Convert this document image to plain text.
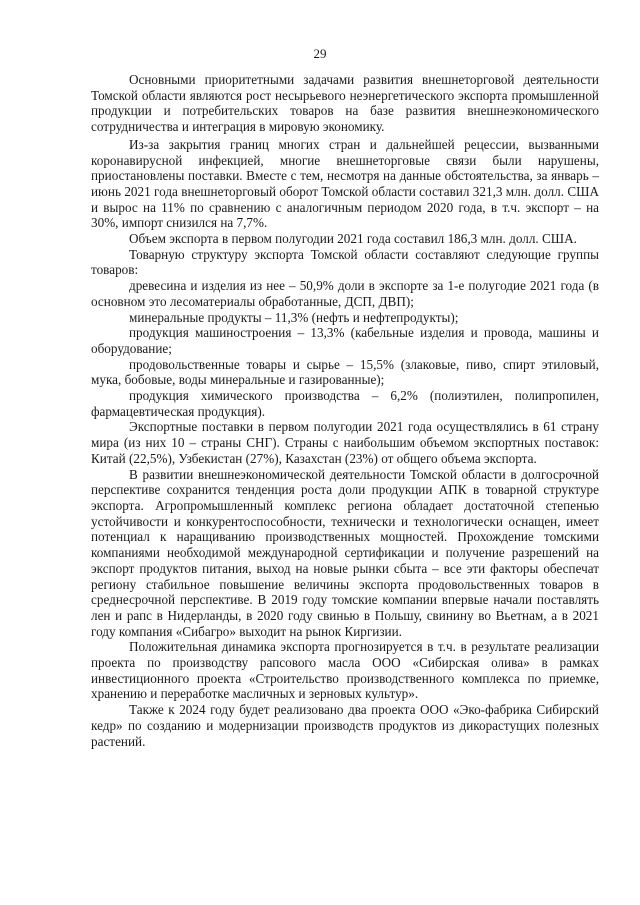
29

Основными приоритетными задачами развития внешнеторговой деятельности Томской области являются рост несырьевого неэнергетического экспорта промышленной продукции и потребительских товаров на базе развития внешнеэкономического сотрудничества и интеграция в мировую экономику.

Из-за закрытия границ многих стран и дальнейшей рецессии, вызванными коронавирусной инфекцией, многие внешнеторговые связи были нарушены, приостановлены поставки. Вместе с тем, несмотря на данные обстоятельства, за январь – июнь 2021 года внешнеторговый оборот Томской области составил 321,3 млн. долл. США и вырос на 11% по сравнению с аналогичным периодом 2020 года, в т.ч. экспорт – на 30%, импорт снизился на 7,7%.

Объем экспорта в первом полугодии 2021 года составил 186,3 млн. долл. США.

Товарную структуру экспорта Томской области составляют следующие группы товаров:

древесина и изделия из нее – 50,9% доли в экспорте за 1-е полугодие 2021 года (в основном это лесоматериалы обработанные, ДСП, ДВП);

минеральные продукты – 11,3% (нефть и нефтепродукты);

продукция машиностроения – 13,3% (кабельные изделия и провода, машины и оборудование;

продовольственные товары и сырье – 15,5% (злаковые, пиво, спирт этиловый, мука, бобовые, воды минеральные и газированные);

продукция химического производства – 6,2% (полиэтилен, полипропилен, фармацевтическая продукция).

Экспортные поставки в первом полугодии 2021 года осуществлялись в 61 страну мира (из них 10 – страны СНГ). Страны с наибольшим объемом экспортных поставок: Китай (22,5%), Узбекистан (27%), Казахстан (23%) от общего объема экспорта.

В развитии внешнеэкономической деятельности Томской области в долгосрочной перспективе сохранится тенденция роста доли продукции АПК в товарной структуре экспорта. Агропромышленный комплекс региона обладает достаточной степенью устойчивости и конкурентоспособности, технически и технологически оснащен, имеет потенциал к наращиванию производственных мощностей. Прохождение томскими компаниями необходимой международной сертификации и получение разрешений на экспорт продуктов питания, выход на новые рынки сбыта – все эти факторы обеспечат региону стабильное повышение величины экспорта продовольственных товаров в среднесрочной перспективе. В 2019 году томские компании впервые начали поставлять лен и рапс в Нидерланды, в 2020 году свинью в Польшу, свинину во Вьетнам, а в 2021 году компания «Сибагро» выходит на рынок Киргизии.

Положительная динамика экспорта прогнозируется в т.ч. в результате реализации проекта по производству рапсового масла ООО «Сибирская олива» в рамках инвестиционного проекта «Строительство производственного комплекса по приемке, хранению и переработке масличных и зерновых культур».

Также к 2024 году будет реализовано два проекта ООО «Эко-фабрика Сибирский кедр» по созданию и модернизации производств продуктов из дикорастущих полезных растений.
